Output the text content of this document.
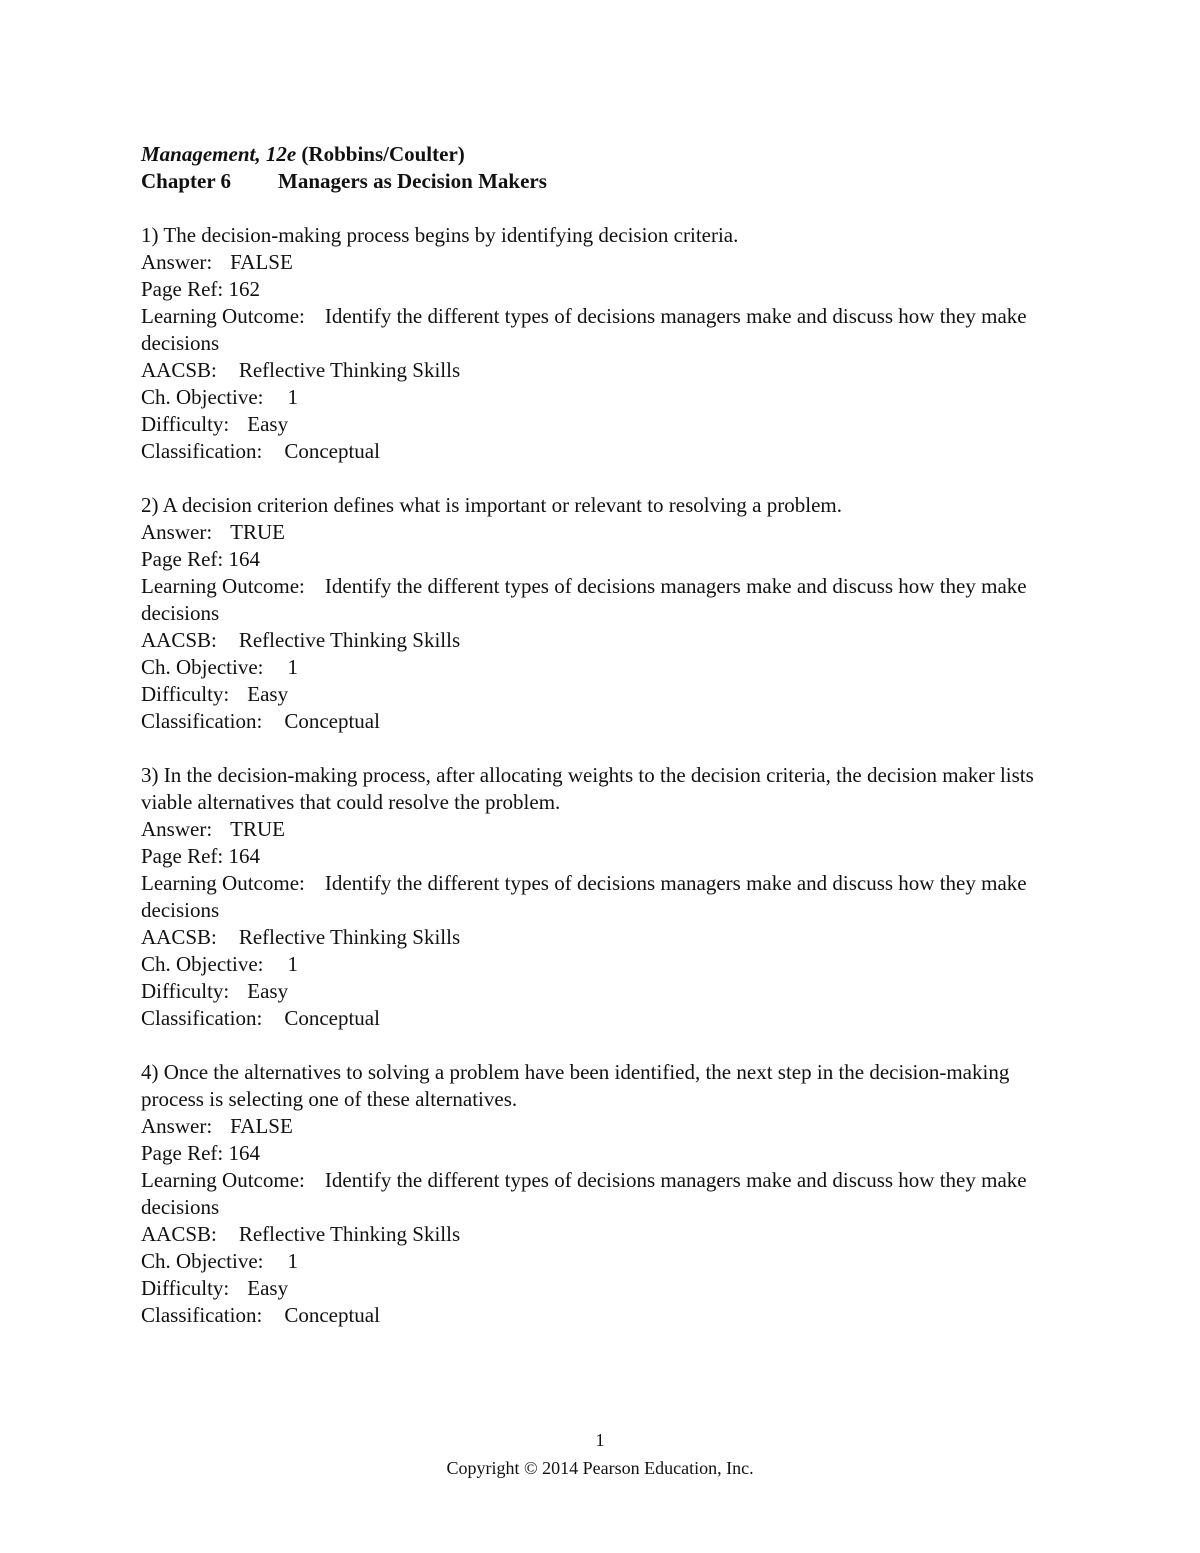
Management, 12e (Robbins/Coulter)
Chapter 6	Managers as Decision Makers
1) The decision-making process begins by identifying decision criteria.
Answer: FALSE
Page Ref: 162
Learning Outcome: Identify the different types of decisions managers make and discuss how they make decisions
AACSB: Reflective Thinking Skills
Ch. Objective: 1
Difficulty: Easy
Classification: Conceptual
2) A decision criterion defines what is important or relevant to resolving a problem.
Answer: TRUE
Page Ref: 164
Learning Outcome: Identify the different types of decisions managers make and discuss how they make decisions
AACSB: Reflective Thinking Skills
Ch. Objective: 1
Difficulty: Easy
Classification: Conceptual
3) In the decision-making process, after allocating weights to the decision criteria, the decision maker lists viable alternatives that could resolve the problem.
Answer: TRUE
Page Ref: 164
Learning Outcome: Identify the different types of decisions managers make and discuss how they make decisions
AACSB: Reflective Thinking Skills
Ch. Objective: 1
Difficulty: Easy
Classification: Conceptual
4) Once the alternatives to solving a problem have been identified, the next step in the decision-making process is selecting one of these alternatives.
Answer: FALSE
Page Ref: 164
Learning Outcome: Identify the different types of decisions managers make and discuss how they make decisions
AACSB: Reflective Thinking Skills
Ch. Objective: 1
Difficulty: Easy
Classification: Conceptual
1
Copyright © 2014 Pearson Education, Inc.
